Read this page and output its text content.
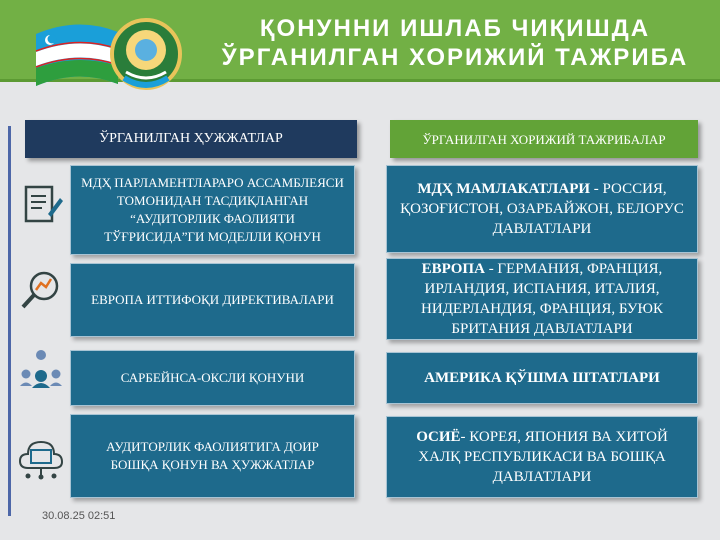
ҚОНУННИ ИШЛАБ ЧИҚИШДА
ЎРГАНИЛГАН ХОРИЖИЙ ТАЖРИБА
ЎРГАНИЛГАН ҲУЖЖАТЛАР	ЎРГАНИЛГАН ХОРИЖИЙ ТАЖРИБАЛАР
МДҲ ПАРЛАМЕНТЛАРАРО АССАМБЛЕЯСИ ТОМОНИДАН ТАСДИҚЛАНГАН “АУДИТОРЛИК ФАОЛИЯТИ ТЎҒРИСИДА”ГИ МОДЕЛЛИ ҚОНУН
ЕВРОПА ИТТИФОҚИ ДИРЕКТИВАЛАРИ
САРБЕЙНСА-ОКСЛИ ҚОНУНИ
АУДИТОРЛИК ФАОЛИЯТИГА ДОИР БОШҚА ҚОНУН ВА ҲУЖЖАТЛАР
МДҲ МАМЛАКАТЛАРИ - РОССИЯ, ҚОЗОҒИСТОН, ОЗАРБАЙЖОН, БЕЛОРУС ДАВЛАТЛАРИ
ЕВРОПА - ГЕРМАНИЯ, ФРАНЦИЯ, ИРЛАНДИЯ, ИСПАНИЯ, ИТАЛИЯ, НИДЕРЛАНДИЯ, ФРАНЦИЯ, БУЮК БРИТАНИЯ ДАВЛАТЛАРИ
АМЕРИКА ҚЎШМА ШТАТЛАРИ
ОСИЁ- КОРЕЯ, ЯПОНИЯ ВА ХИТОЙ ХАЛҚ РЕСПУБЛИКАСИ ВА БОШҚА ДАВЛАТЛАРИ
30.08.25 02:51
